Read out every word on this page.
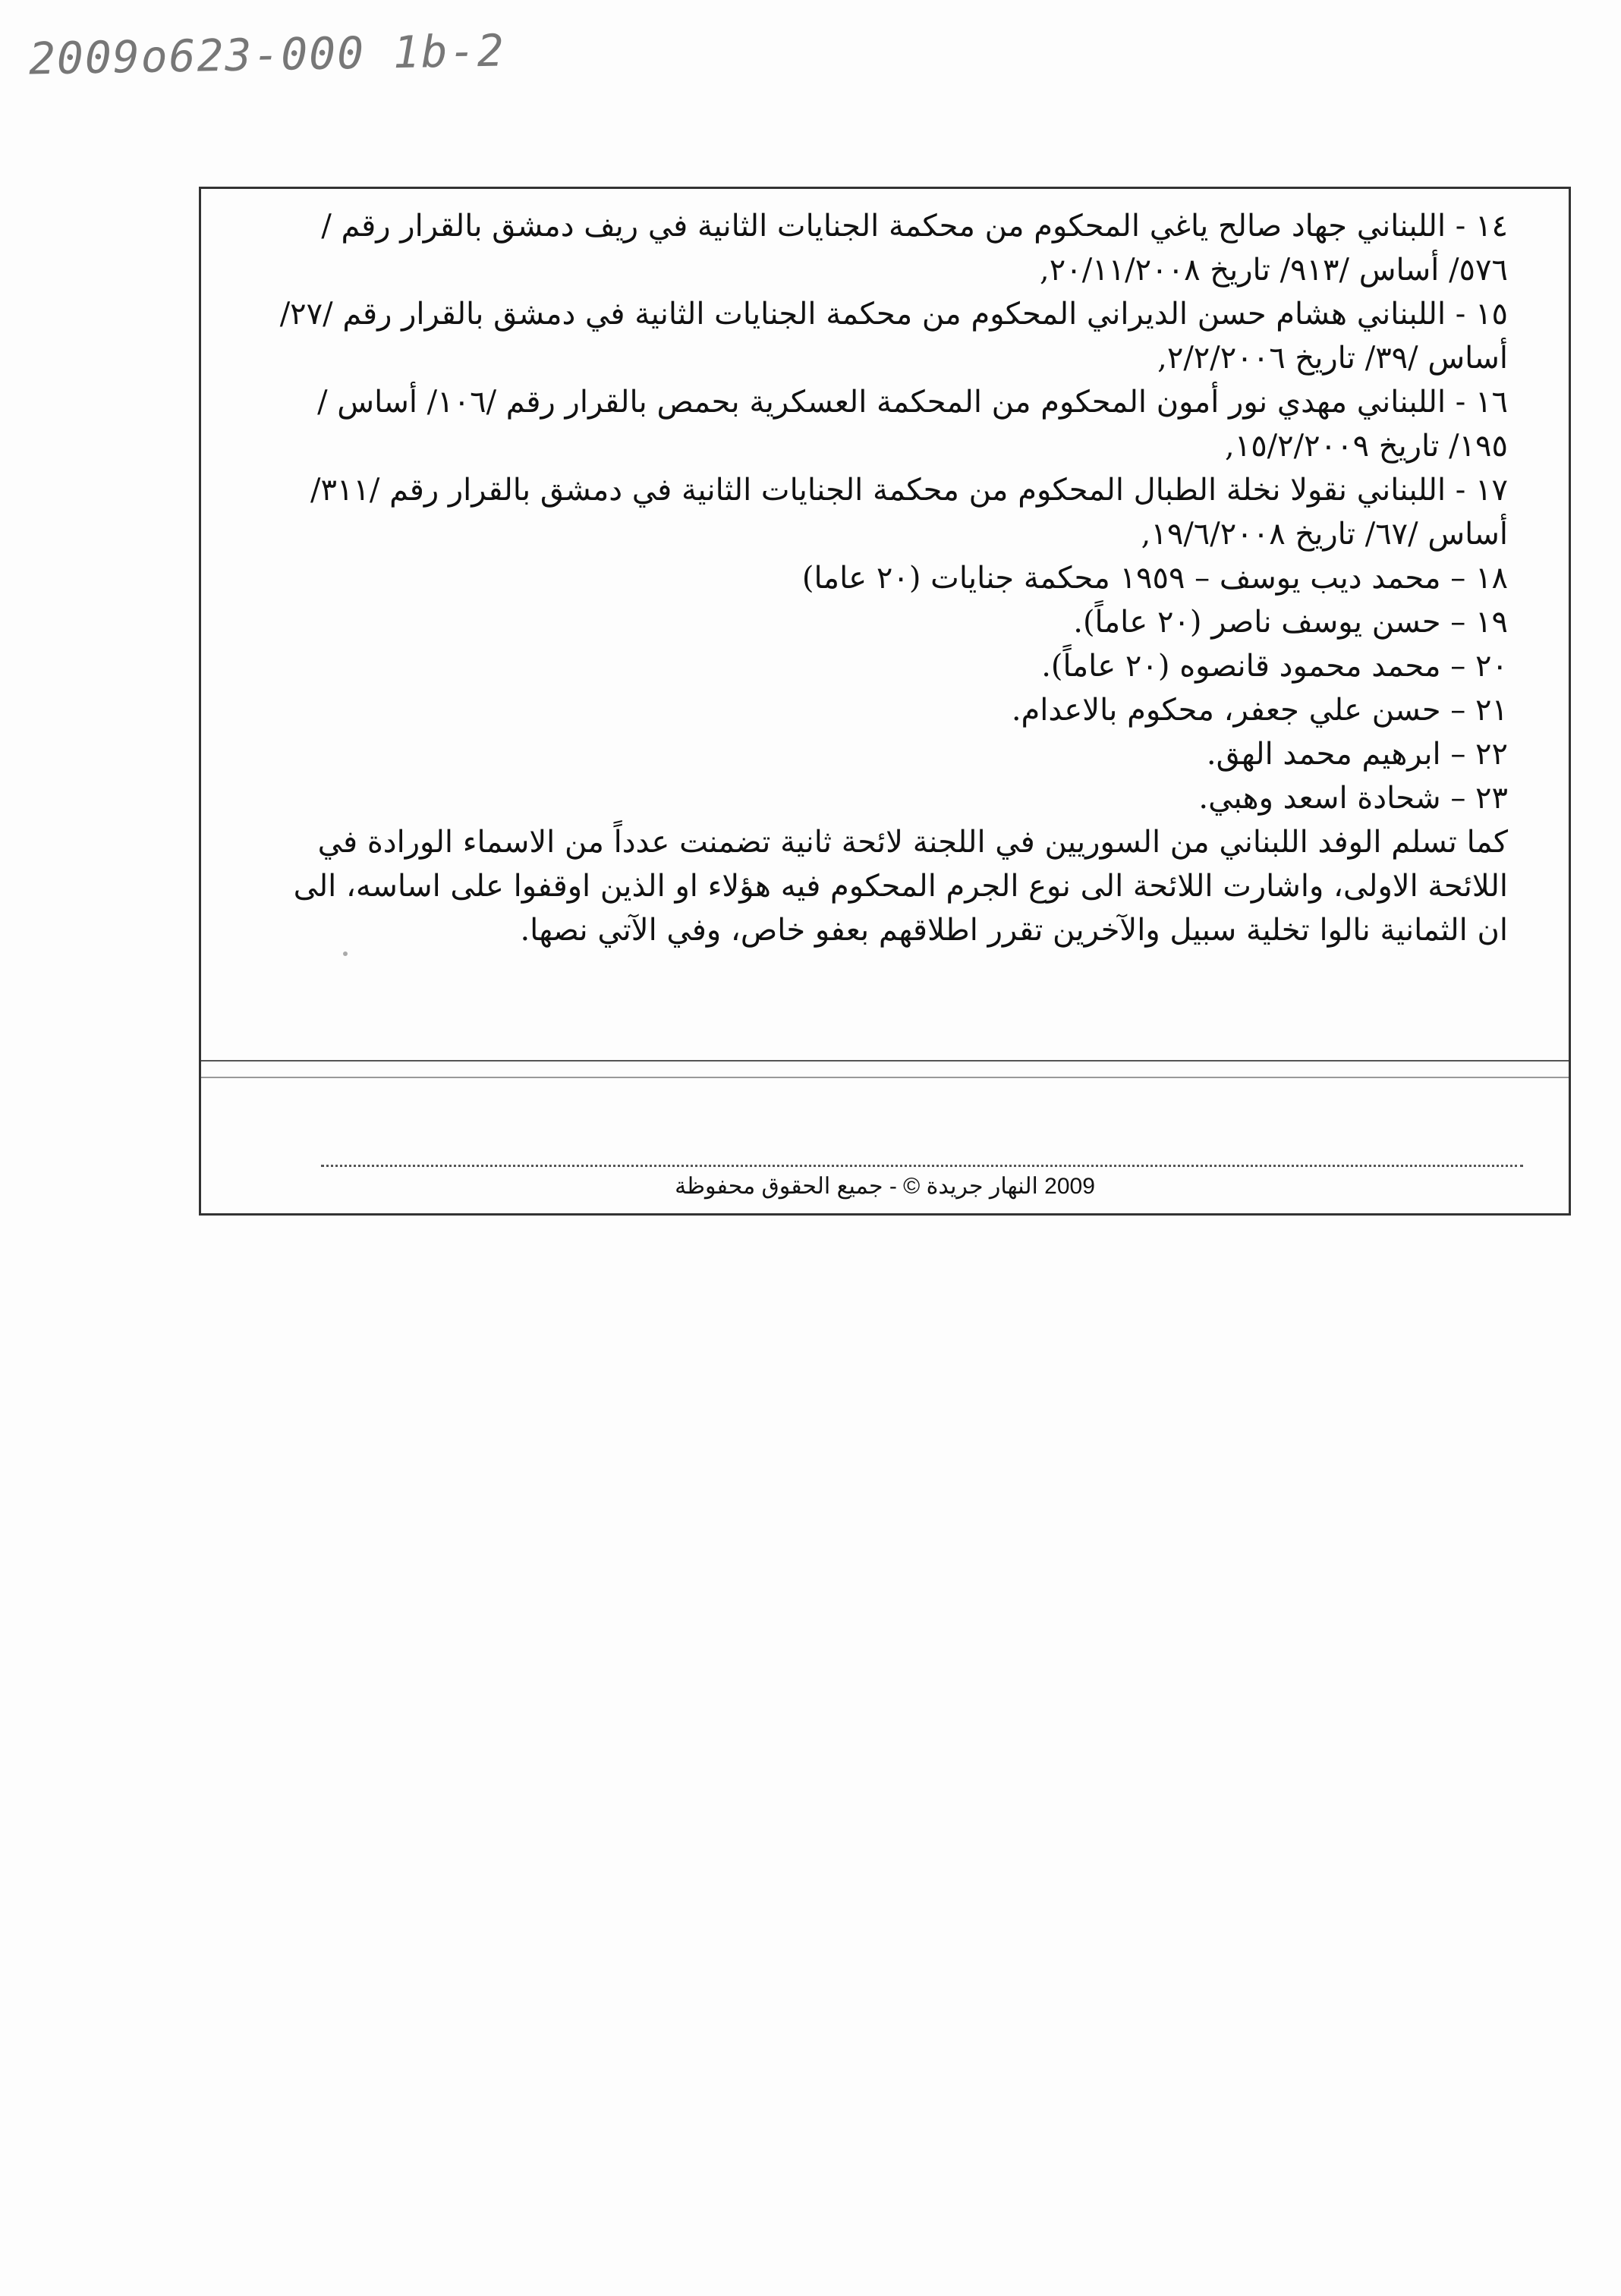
2009o623-000 1b-2

١٤ - اللبناني جهاد صالح ياغي المحكوم من محكمة الجنايات الثانية في ريف دمشق بالقرار رقم /٥٧٦/ أساس /٩١٣/ تاريخ ٢٠/١١/٢٠٠٨,

١٥ - اللبناني هشام حسن الديراني المحكوم من محكمة الجنايات الثانية في دمشق بالقرار رقم /٢٧/ أساس /٣٩/ تاريخ ٢/٢/٢٠٠٦,

١٦ - اللبناني مهدي نور أمون المحكوم من المحكمة العسكرية بحمص بالقرار رقم /١٠٦/ أساس /١٩٥/ تاريخ ١٥/٢/٢٠٠٩,

١٧ - اللبناني نقولا نخلة الطبال المحكوم من محكمة الجنايات الثانية في دمشق بالقرار رقم /٣١١/ أساس /٦٧/ تاريخ ١٩/٦/٢٠٠٨,

١٨ – محمد ديب يوسف – ١٩٥٩ محكمة جنايات (٢٠ عاما)

١٩ – حسن يوسف ناصر (٢٠ عاماً).

٢٠ – محمد محمود قانصوه (٢٠ عاماً).

٢١ – حسن علي جعفر، محكوم بالاعدام.

٢٢ – ابرهيم محمد الهق.

٢٣ – شحادة اسعد وهبي.

كما تسلم الوفد اللبناني من السوريين في اللجنة لائحة ثانية تضمنت عدداً من الاسماء الورادة في اللائحة الاولى، واشارت اللائحة الى نوع الجرم المحكوم فيه هؤلاء او الذين اوقفوا على اساسه، الى ان الثمانية نالوا تخلية سبيل والآخرين تقرر اطلاقهم بعفو خاص، وفي الآتي نصها.

2009 النهار جريدة © - جميع الحقوق محفوظة
